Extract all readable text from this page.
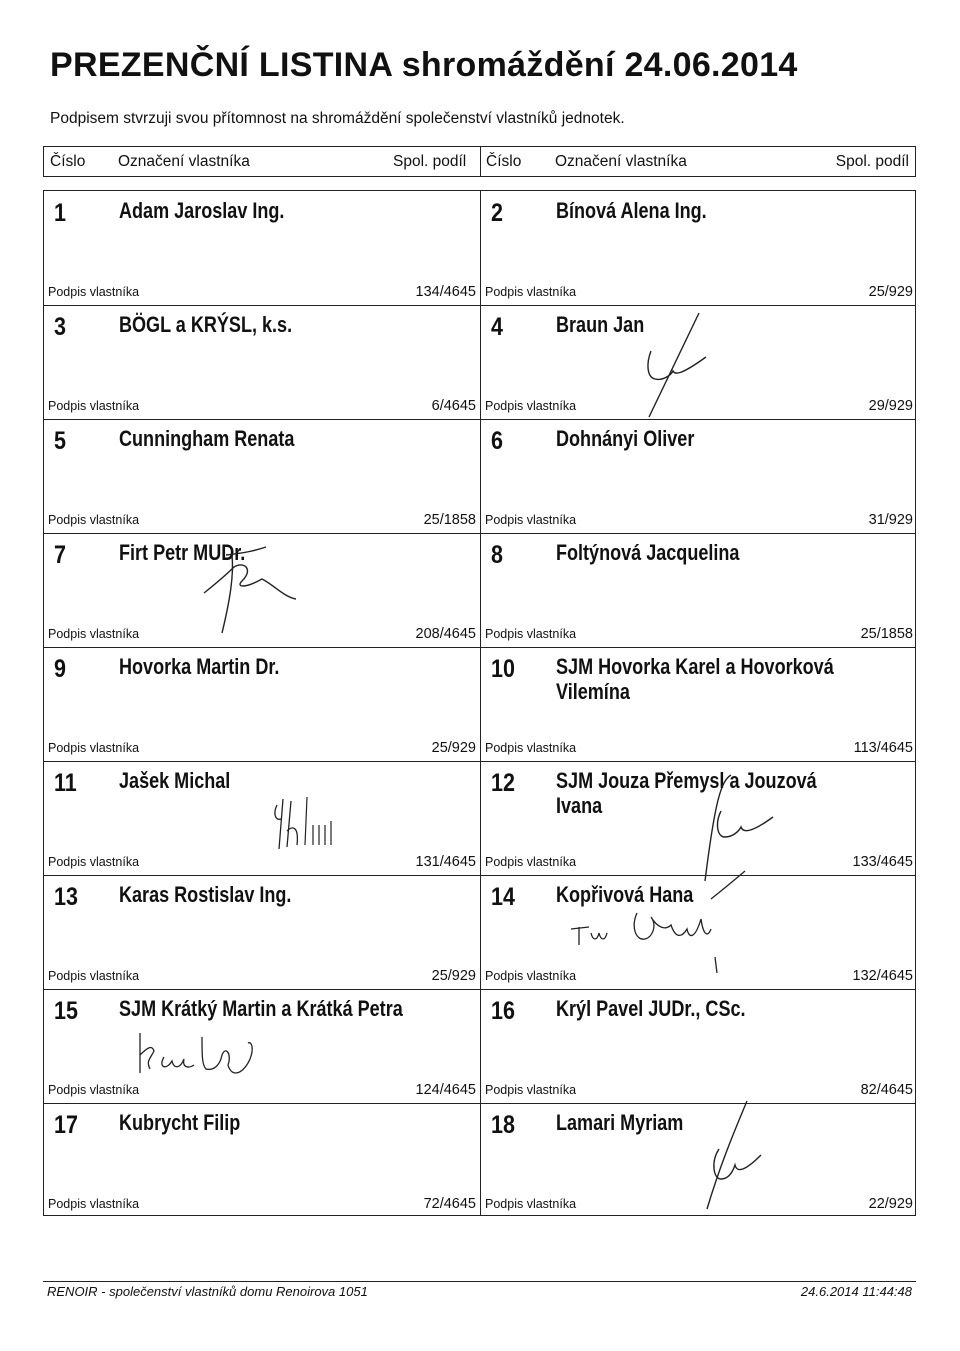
PREZENČNÍ LISTINA shromáždění 24.06.2014
Podpisem stvrzuji svou přítomnost na shromáždění společenství vlastníků jednotek.
Číslo Označení vlastníka	Spol. podíl Číslo Označení vlastníka	Spol. podíl
1 Adam Jaroslav Ing.
Podpis vlastníka	134/4645
2 Bínová Alena Ing.
Podpis vlastníka	25/929
3 BÖGL a KRÝSL, k.s.
Podpis vlastníka	6/4645
4 Braun Jan
Podpis vlastníka	29/929
5 Cunningham Renata
Podpis vlastníka	25/1858
6 Dohnányi Oliver
Podpis vlastníka	31/929
7 Firt Petr MUDr.
Podpis vlastníka	208/4645
8 Foltýnová Jacquelina
Podpis vlastníka	25/1858
9 Hovorka Martin Dr.
Podpis vlastníka	25/929
10 SJM Hovorka Karel a Hovorková Vilemína
Podpis vlastníka	113/4645
11 Jašek Michal
Podpis vlastníka	131/4645
12 SJM Jouza Přemysl a Jouzová Ivana
Podpis vlastníka	133/4645
13 Karas Rostislav Ing.
Podpis vlastníka	25/929
14 Kopřivová Hana
Podpis vlastníka	132/4645
15 SJM Krátký Martin a Krátká Petra
Podpis vlastníka	124/4645
16 Krýl Pavel JUDr., CSc.
Podpis vlastníka	82/4645
17 Kubrycht Filip
Podpis vlastníka	72/4645
18 Lamari Myriam
Podpis vlastníka	22/929
RENOIR - společenství vlastníků domu Renoirova 1051	24.6.2014 11:44:48
